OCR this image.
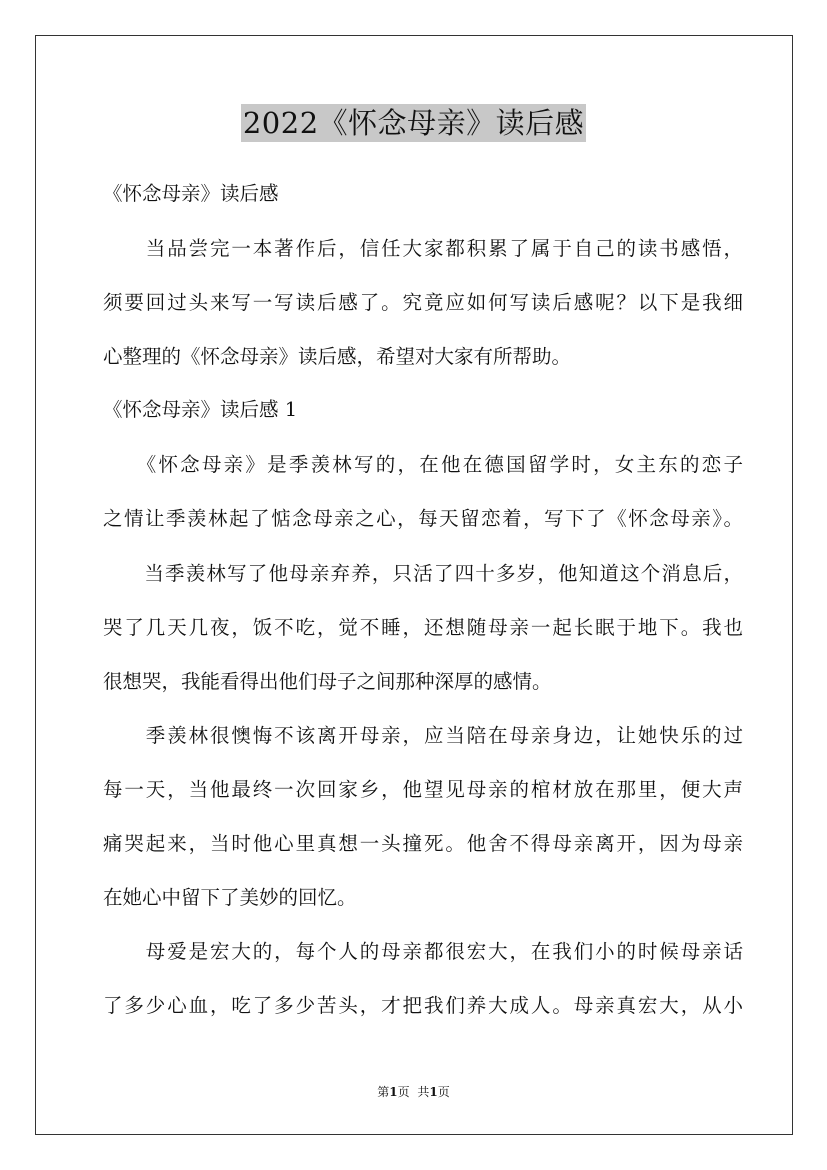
2022《怀念母亲》读后感
《怀念母亲》读后感
　　当品尝完一本著作后，信任大家都积累了属于自己的读书感悟，
须要回过头来写一写读后感了。究竟应如何写读后感呢？以下是我细
心整理的《怀念母亲》读后感，希望对大家有所帮助。
《怀念母亲》读后感 1
　　《怀念母亲》是季羡林写的，在他在德国留学时，女主东的恋子
之情让季羡林起了惦念母亲之心，每天留恋着，写下了《怀念母亲》。
　　当季羡林写了他母亲弃养，只活了四十多岁，他知道这个消息后，
哭了几天几夜，饭不吃，觉不睡，还想随母亲一起长眠于地下。我也
很想哭，我能看得出他们母子之间那种深厚的感情。
　　季羡林很懊悔不该离开母亲，应当陪在母亲身边，让她快乐的过
每一天，当他最终一次回家乡，他望见母亲的棺材放在那里，便大声
痛哭起来，当时他心里真想一头撞死。他舍不得母亲离开，因为母亲
在她心中留下了美妙的回忆。
　　母爱是宏大的，每个人的母亲都很宏大，在我们小的时候母亲话
了多少心血，吃了多少苦头，才把我们养大成人。母亲真宏大，从小
第1页 共1页
